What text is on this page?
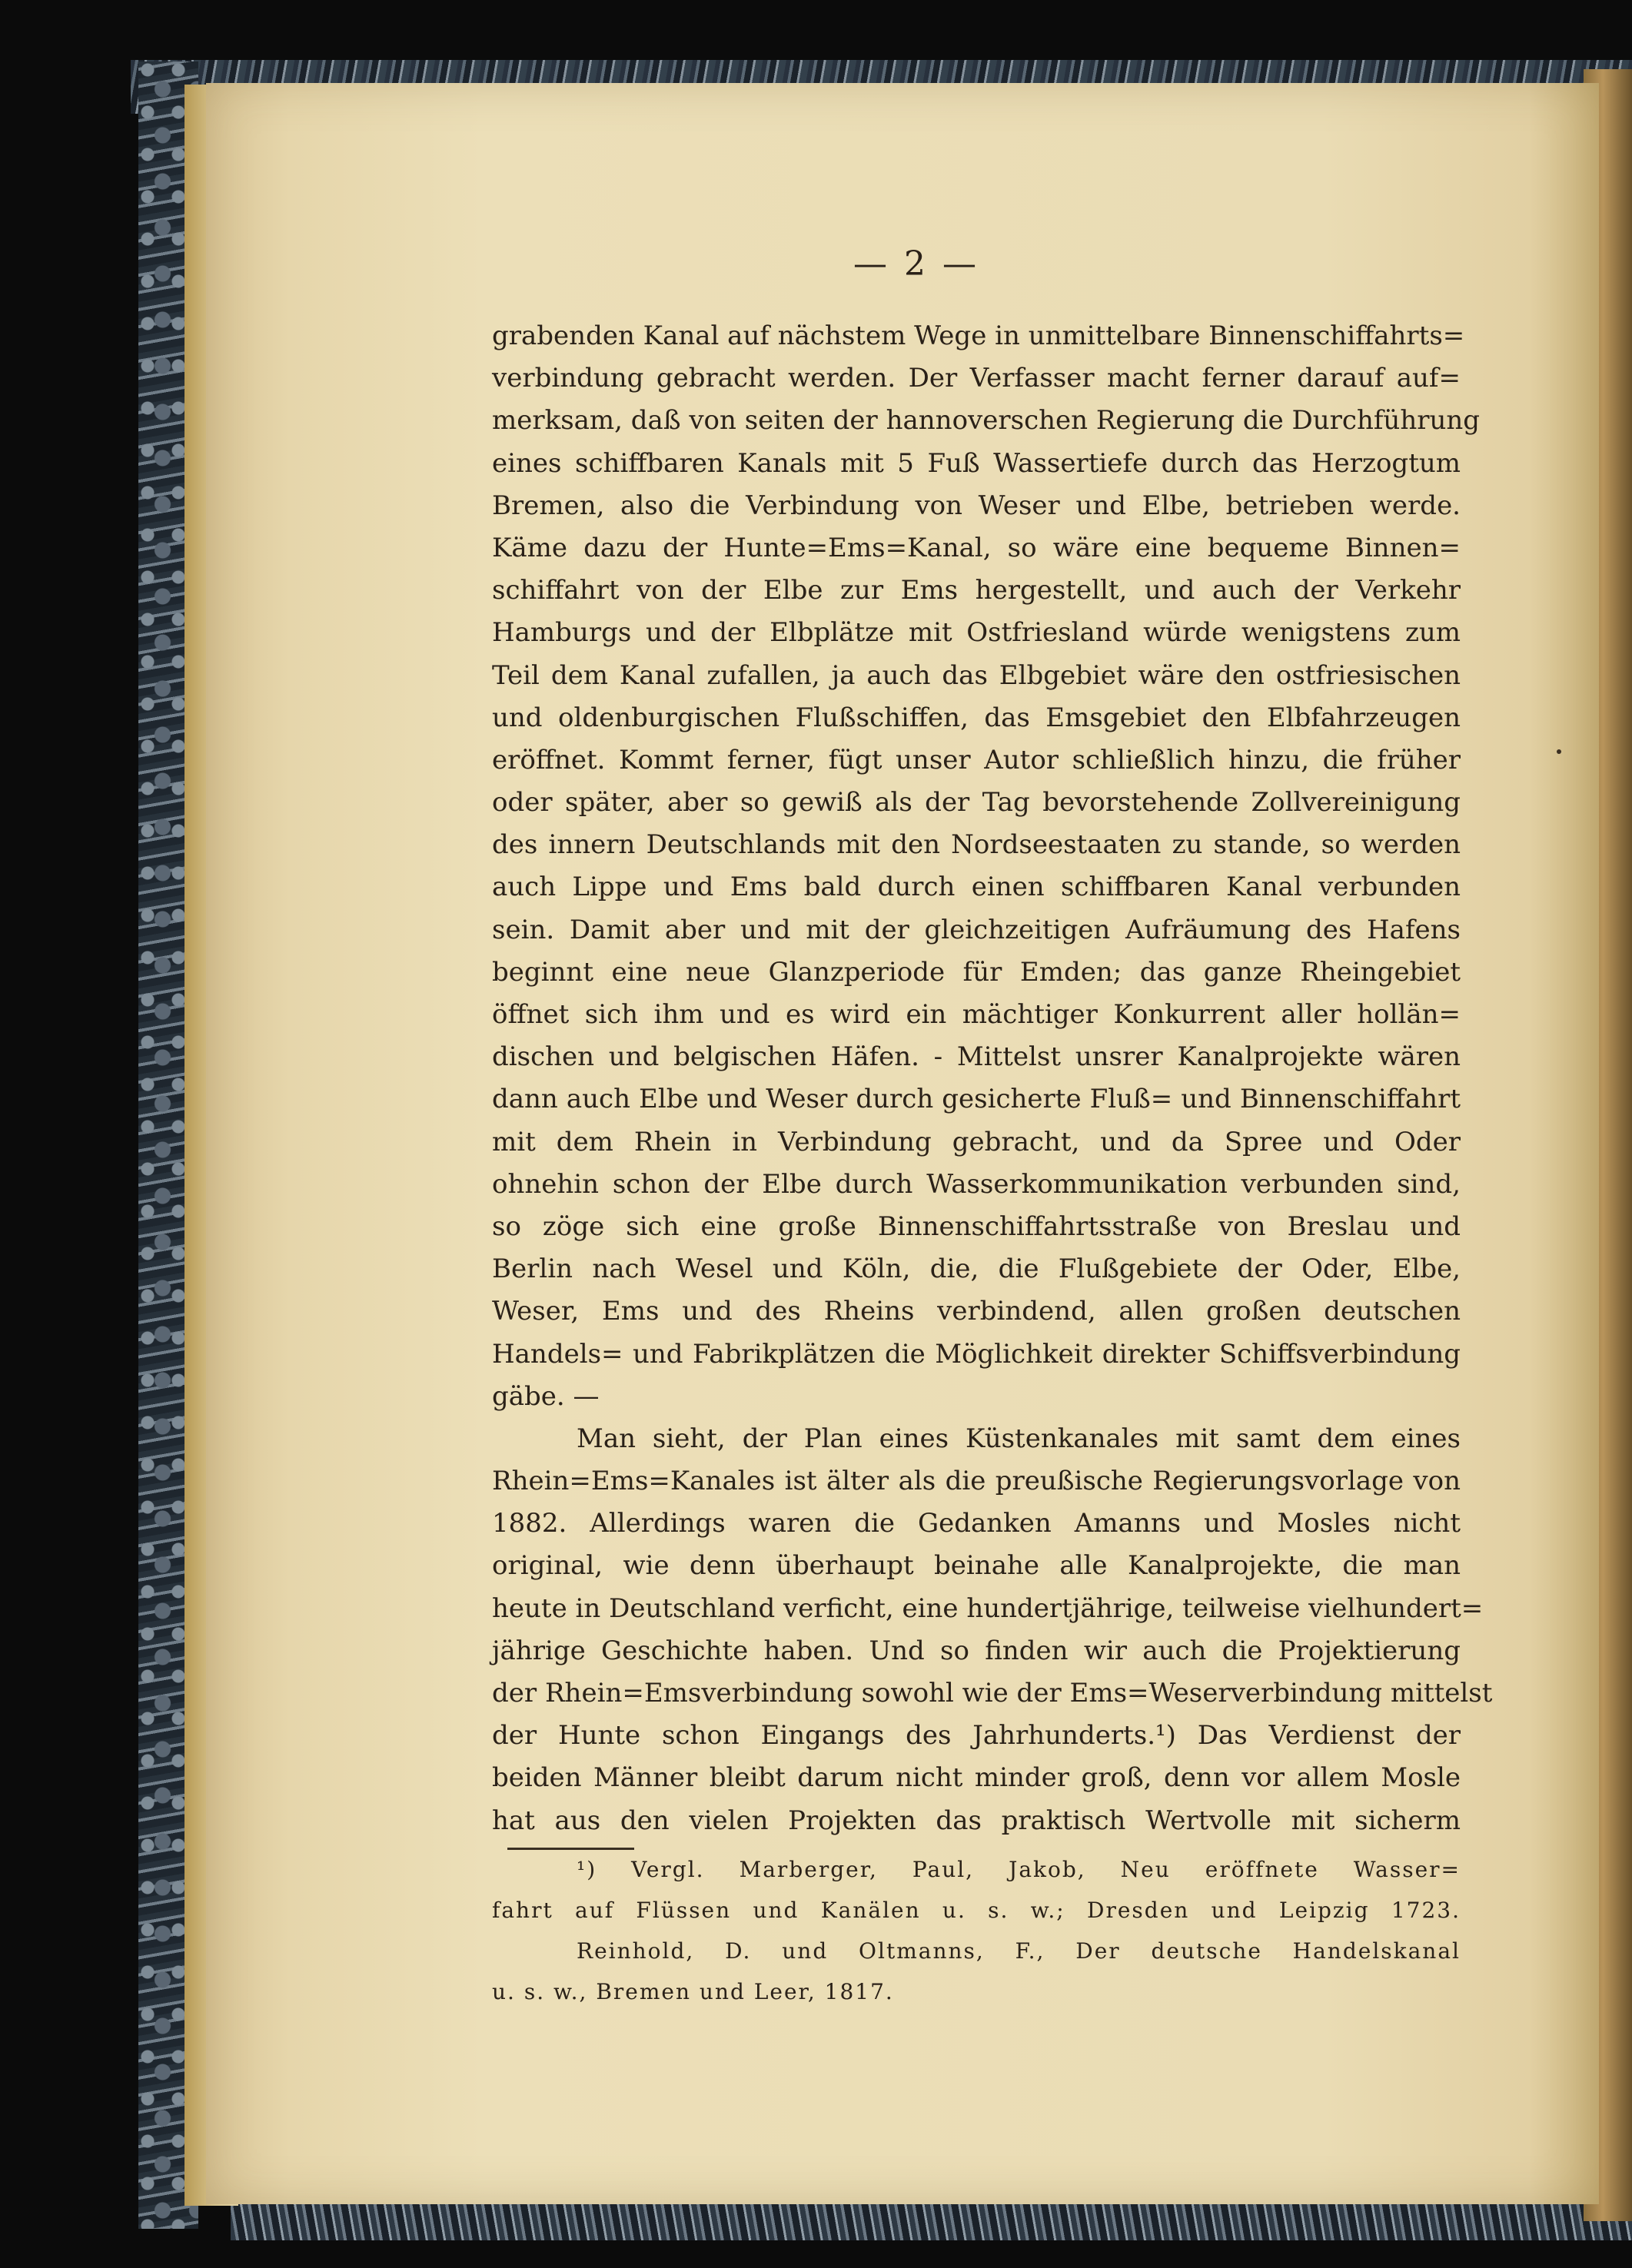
— 2 —
grabenden Kanal auf nächstem Wege in unmittelbare Binnenschiffahrts=
verbindung gebracht werden. Der Verfasser macht ferner darauf auf=
merksam, daß von seiten der hannoverschen Regierung die Durchführung
eines schiffbaren Kanals mit 5 Fuß Wassertiefe durch das Herzogtum
Bremen, also die Verbindung von Weser und Elbe, betrieben werde.
Käme dazu der Hunte=Ems=Kanal, so wäre eine bequeme Binnen=
schiffahrt von der Elbe zur Ems hergestellt, und auch der Verkehr
Hamburgs und der Elbplätze mit Ostfriesland würde wenigstens zum
Teil dem Kanal zufallen, ja auch das Elbgebiet wäre den ostfriesischen
und oldenburgischen Flußschiffen, das Emsgebiet den Elbfahrzeugen
eröffnet. Kommt ferner, fügt unser Autor schließlich hinzu, die früher
oder später, aber so gewiß als der Tag bevorstehende Zollvereinigung
des innern Deutschlands mit den Nordseestaaten zu stande, so werden
auch Lippe und Ems bald durch einen schiffbaren Kanal verbunden
sein. Damit aber und mit der gleichzeitigen Aufräumung des Hafens
beginnt eine neue Glanzperiode für Emden; das ganze Rheingebiet
öffnet sich ihm und es wird ein mächtiger Konkurrent aller hollän=
dischen und belgischen Häfen. - Mittelst unsrer Kanalprojekte wären
dann auch Elbe und Weser durch gesicherte Fluß= und Binnenschiffahrt
mit dem Rhein in Verbindung gebracht, und da Spree und Oder
ohnehin schon der Elbe durch Wasserkommunikation verbunden sind,
so zöge sich eine große Binnenschiffahrtsstraße von Breslau und
Berlin nach Wesel und Köln, die, die Flußgebiete der Oder, Elbe,
Weser, Ems und des Rheins verbindend, allen großen deutschen
Handels= und Fabrikplätzen die Möglichkeit direkter Schiffsverbindung
gäbe. —
Man sieht, der Plan eines Küstenkanales mit samt dem eines
Rhein=Ems=Kanales ist älter als die preußische Regierungsvorlage von
1882. Allerdings waren die Gedanken Amanns und Mosles nicht
original, wie denn überhaupt beinahe alle Kanalprojekte, die man
heute in Deutschland verficht, eine hundertjährige, teilweise vielhundert=
jährige Geschichte haben. Und so finden wir auch die Projektierung
der Rhein=Emsverbindung sowohl wie der Ems=Weserverbindung mittelst
der Hunte schon Eingangs des Jahrhunderts.¹) Das Verdienst der
beiden Männer bleibt darum nicht minder groß, denn vor allem Mosle
hat aus den vielen Projekten das praktisch Wertvolle mit sicherm
¹) Vergl. Marberger, Paul, Jakob, Neu eröffnete Wasser=
fahrt auf Flüssen und Kanälen u. s. w.; Dresden und Leipzig 1723.
Reinhold, D. und Oltmanns, F., Der deutsche Handelskanal
u. s. w., Bremen und Leer, 1817.
